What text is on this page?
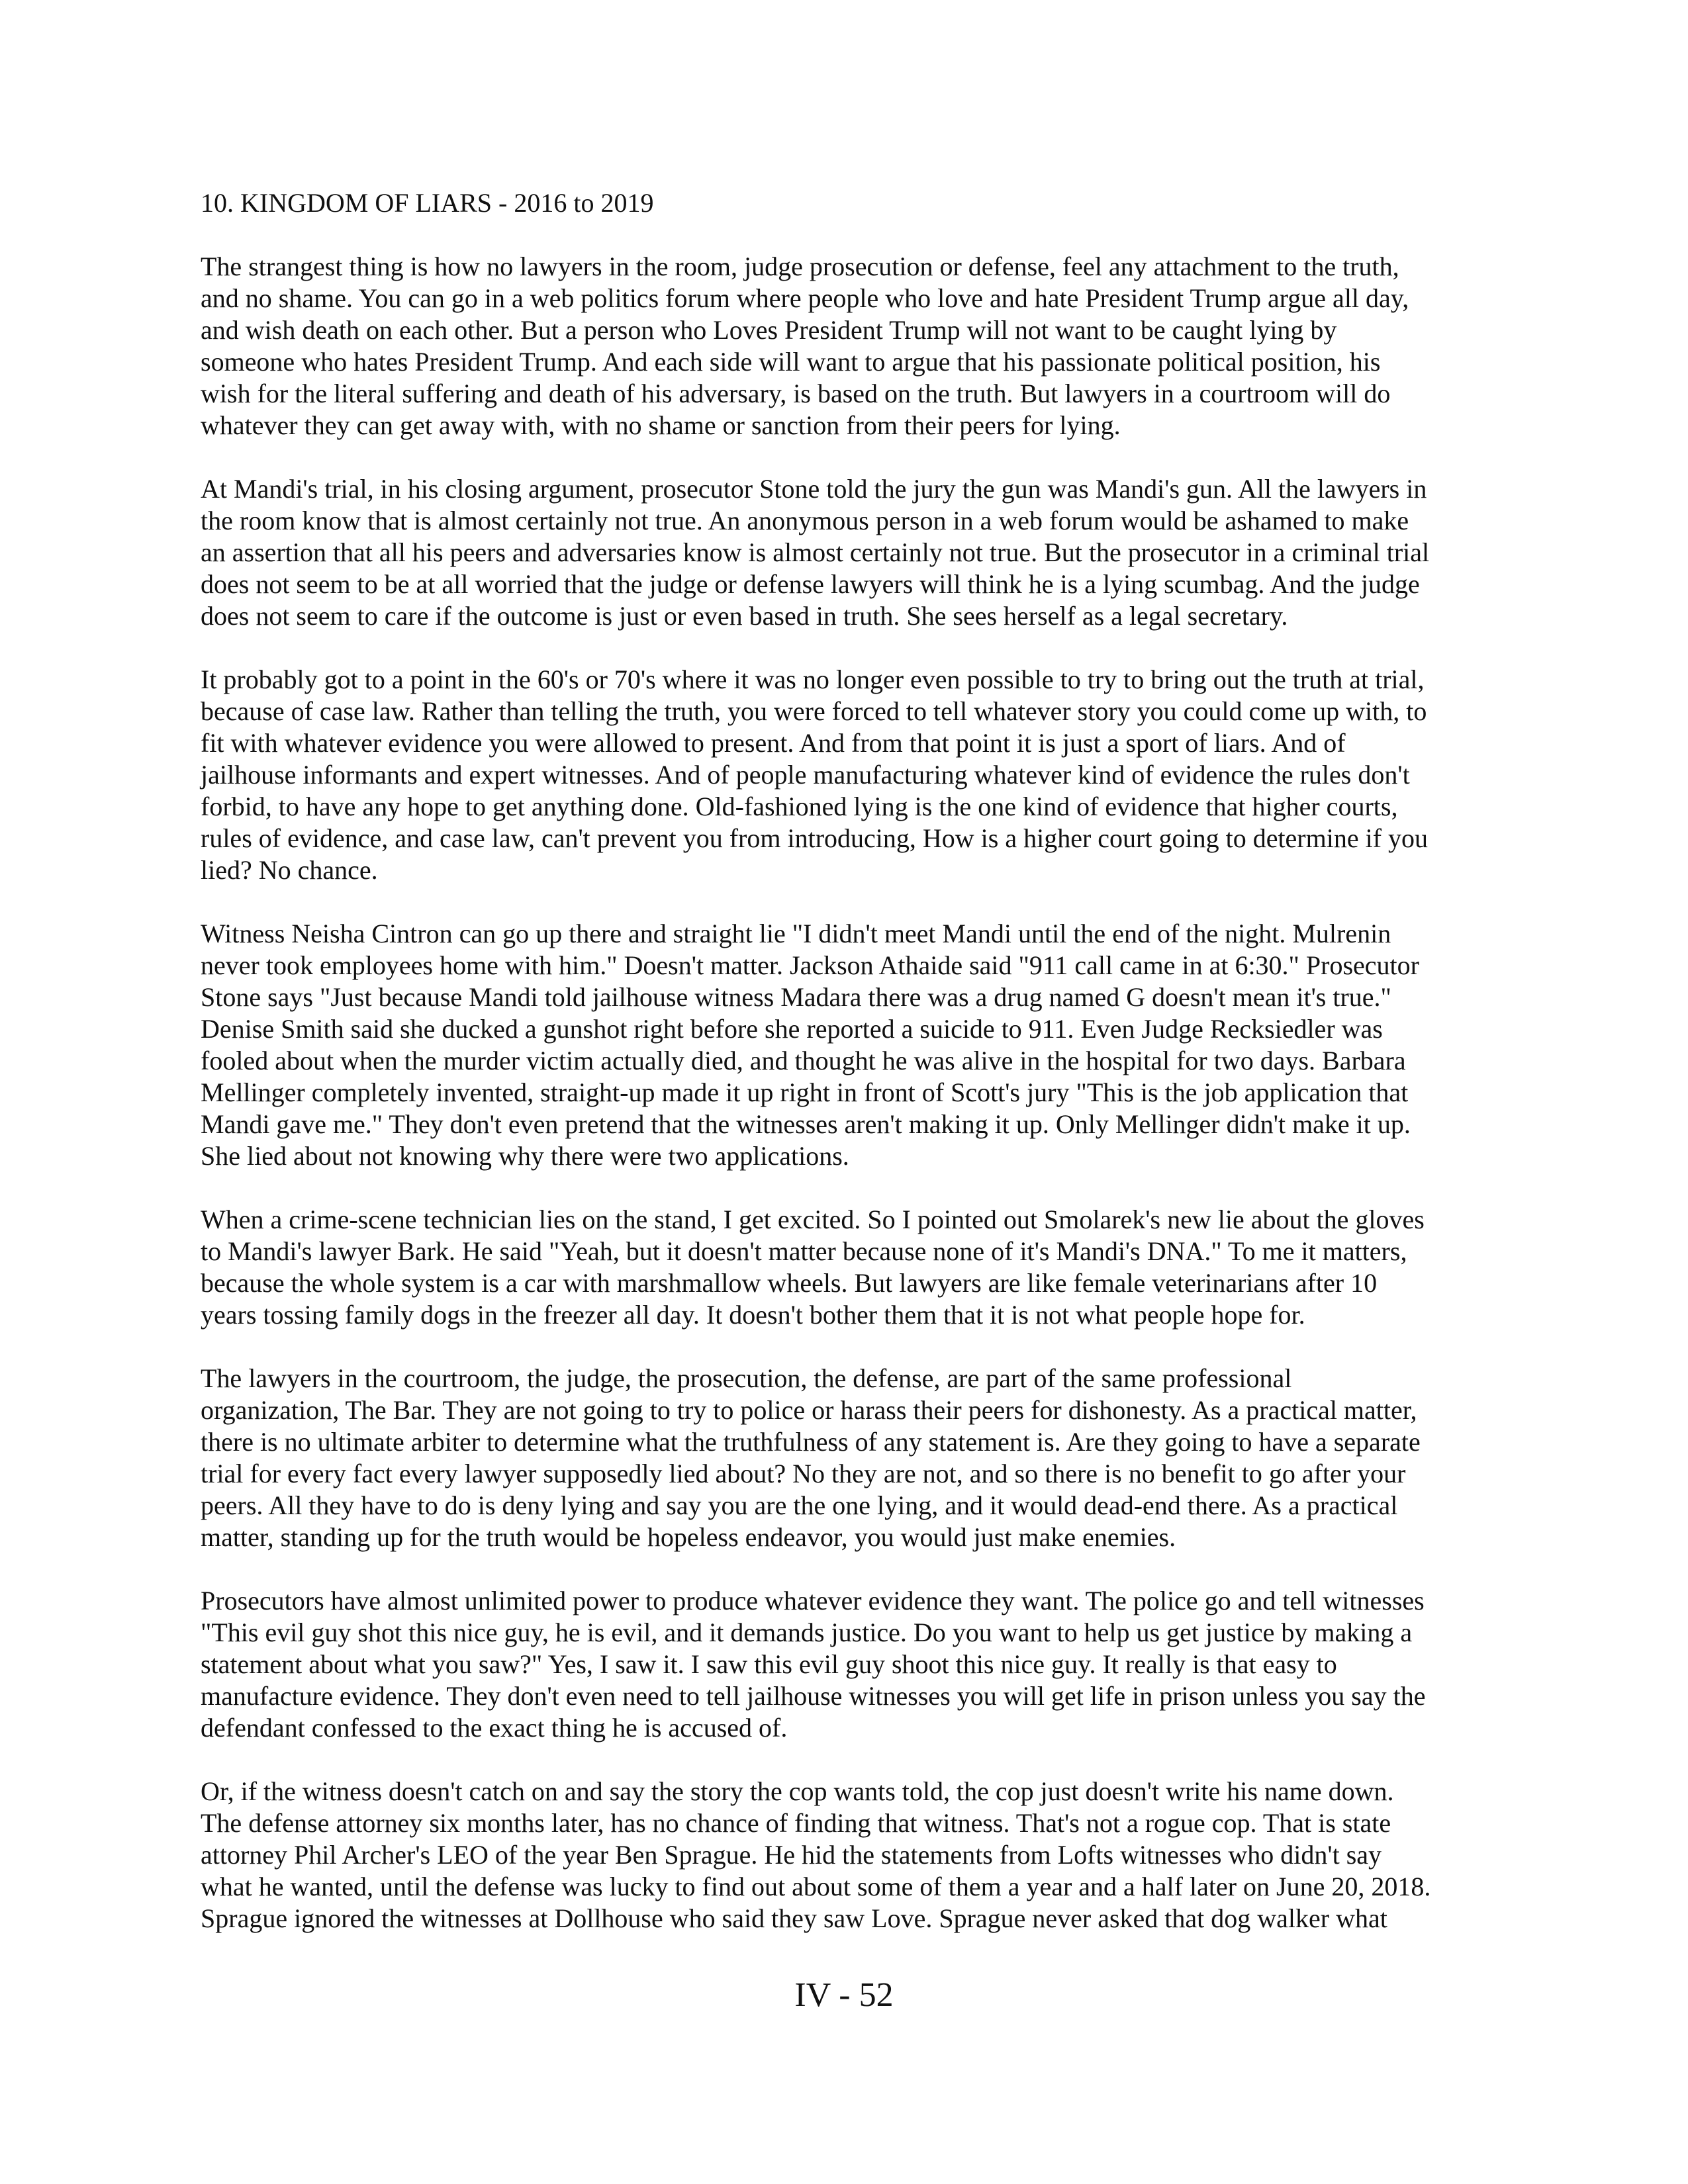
10. KINGDOM OF LIARS - 2016 to 2019
The strangest thing is how no lawyers in the room, judge prosecution or defense, feel any attachment to the truth,
and no shame. You can go in a web politics forum where people who love and hate President Trump argue all day,
and wish death on each other. But a person who Loves President Trump will not want to be caught lying by
someone who hates President Trump. And each side will want to argue that his passionate political position, his
wish for the literal suffering and death of his adversary, is based on the truth. But lawyers in a courtroom will do
whatever they can get away with, with no shame or sanction from their peers for lying.
At Mandi's trial, in his closing argument, prosecutor Stone told the jury the gun was Mandi's gun. All the lawyers in
the room know that is almost certainly not true. An anonymous person in a web forum would be ashamed to make
an assertion that all his peers and adversaries know is almost certainly not true. But the prosecutor in a criminal trial
does not seem to be at all worried that the judge or defense lawyers will think he is a lying scumbag. And the judge
does not seem to care if the outcome is just or even based in truth. She sees herself as a legal secretary.
It probably got to a point in the 60's or 70's where it was no longer even possible to try to bring out the truth at trial,
because of case law. Rather than telling the truth, you were forced to tell whatever story you could come up with, to
fit with whatever evidence you were allowed to present. And from that point it is just a sport of liars. And of
jailhouse informants and expert witnesses. And of people manufacturing whatever kind of evidence the rules don't
forbid, to have any hope to get anything done. Old-fashioned lying is the one kind of evidence that higher courts,
rules of evidence, and case law, can't prevent you from introducing, How is a higher court going to determine if you
lied? No chance.
Witness Neisha Cintron can go up there and straight lie "I didn't meet Mandi until the end of the night. Mulrenin
never took employees home with him." Doesn't matter. Jackson Athaide said "911 call came in at 6:30." Prosecutor
Stone says "Just because Mandi told jailhouse witness Madara there was a drug named G doesn't mean it's true."
Denise Smith said she ducked a gunshot right before she reported a suicide to 911. Even Judge Recksiedler was
fooled about when the murder victim actually died, and thought he was alive in the hospital for two days. Barbara
Mellinger completely invented, straight-up made it up right in front of Scott's jury "This is the job application that
Mandi gave me." They don't even pretend that the witnesses aren't making it up. Only Mellinger didn't make it up.
She lied about not knowing why there were two applications.
When a crime-scene technician lies on the stand, I get excited. So I pointed out Smolarek's new lie about the gloves
to Mandi's lawyer Bark. He said "Yeah, but it doesn't matter because none of it's Mandi's DNA." To me it matters,
because the whole system is a car with marshmallow wheels. But lawyers are like female veterinarians after 10
years tossing family dogs in the freezer all day. It doesn't bother them that it is not what people hope for.
The lawyers in the courtroom, the judge, the prosecution, the defense, are part of the same professional
organization, The Bar. They are not going to try to police or harass their peers for dishonesty. As a practical matter,
there is no ultimate arbiter to determine what the truthfulness of any statement is. Are they going to have a separate
trial for every fact every lawyer supposedly lied about? No they are not, and so there is no benefit to go after your
peers. All they have to do is deny lying and say you are the one lying, and it would dead-end there. As a practical
matter, standing up for the truth would be hopeless endeavor, you would just make enemies.
Prosecutors have almost unlimited power to produce whatever evidence they want. The police go and tell witnesses
"This evil guy shot this nice guy, he is evil, and it demands justice. Do you want to help us get justice by making a
statement about what you saw?" Yes, I saw it. I saw this evil guy shoot this nice guy. It really is that easy to
manufacture evidence. They don't even need to tell jailhouse witnesses you will get life in prison unless you say the
defendant confessed to the exact thing he is accused of.
Or, if the witness doesn't catch on and say the story the cop wants told, the cop just doesn't write his name down.
The defense attorney six months later, has no chance of finding that witness. That's not a rogue cop. That is state
attorney Phil Archer's LEO of the year Ben Sprague. He hid the statements from Lofts witnesses who didn't say
what he wanted, until the defense was lucky to find out about some of them a year and a half later on June 20, 2018.
Sprague ignored the witnesses at Dollhouse who said they saw Love. Sprague never asked that dog walker what
IV - 52
